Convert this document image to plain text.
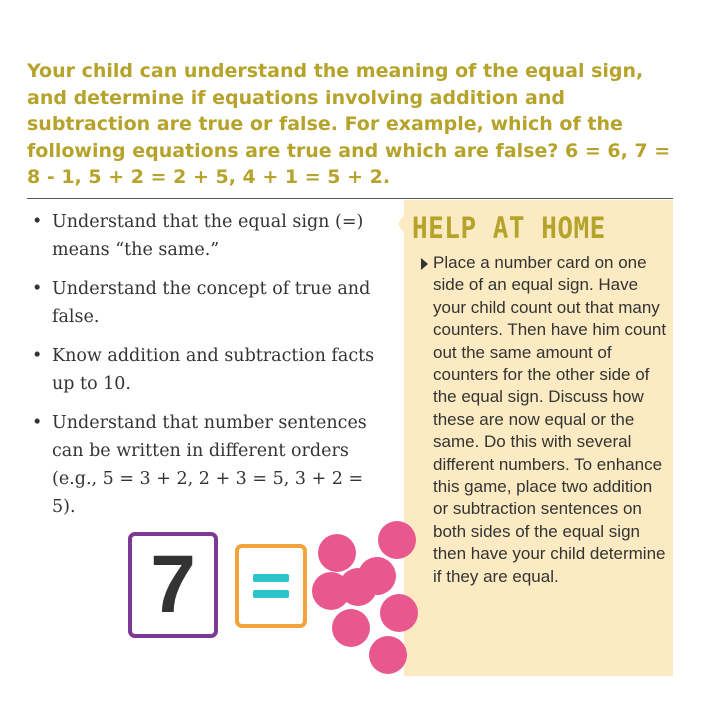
Your child can understand the meaning of the equal sign, and determine if equations involving addition and subtraction are true or false. For example, which of the following equations are true and which are false? 6 = 6, 7 = 8 - 1, 5 + 2 = 2 + 5, 4 + 1 = 5 + 2.
• Understand that the equal sign (=) means “the same.”
• Understand the concept of true and false.
• Know addition and subtraction facts up to 10.
• Understand that number sentences can be written in different orders (e.g., 5 = 3 + 2, 2 + 3 = 5, 3 + 2 = 5).
HELP AT HOME

Place a number card on one side of an equal sign. Have your child count out that many counters. Then have him count out the same amount of counters for the other side of the equal sign. Discuss how these are now equal or the same. Do this with several different numbers. To enhance this game, place two addition or subtraction sentences on both sides of the equal sign then have your child determine if they are equal.

7
